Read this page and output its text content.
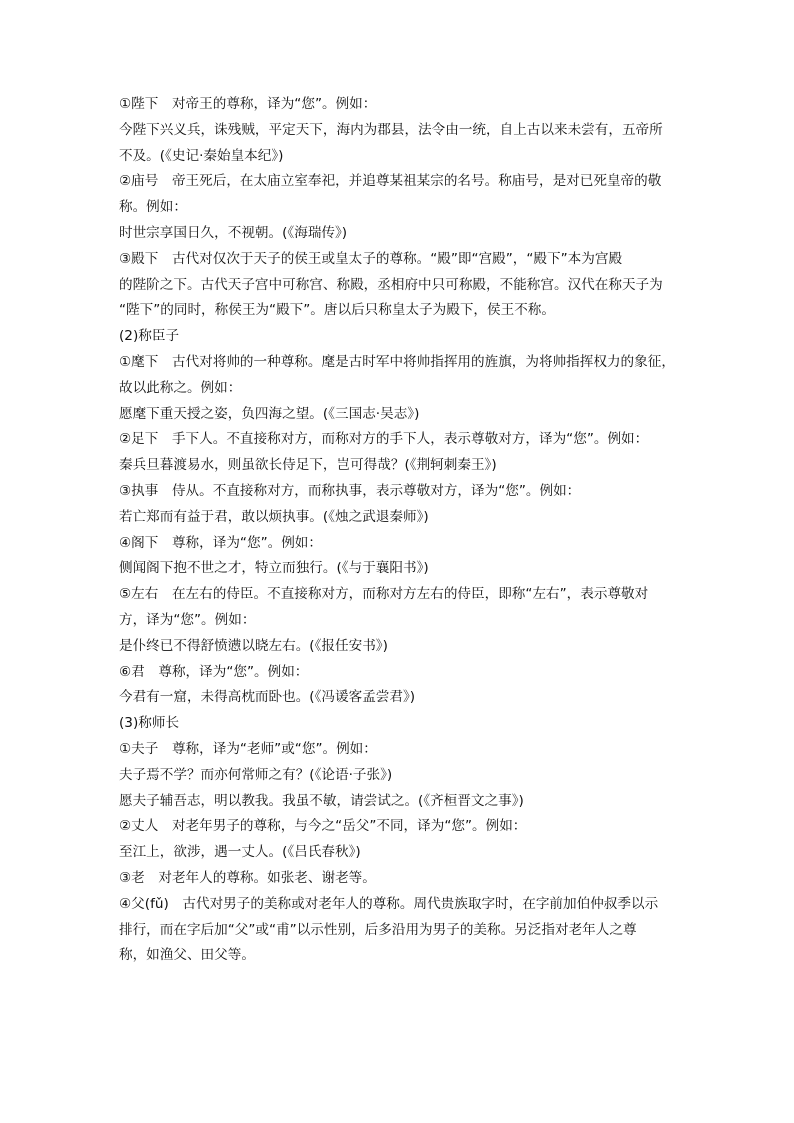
①陛下　对帝王的尊称，译为“您”。例如：
今陛下兴义兵，诛残贼，平定天下，海内为郡县，法令由一统，自上古以来未尝有，五帝所
不及。(《史记·秦始皇本纪》)
②庙号　帝王死后，在太庙立室奉祀，并追尊某祖某宗的名号。称庙号，是对已死皇帝的敬
称。例如：
时世宗享国日久，不视朝。(《海瑞传》)
③殿下　古代对仅次于天子的侯王或皇太子的尊称。“殿”即“宫殿”，“殿下”本为宫殿
的陛阶之下。古代天子宫中可称宫、称殿，丞相府中只可称殿，不能称宫。汉代在称天子为
“陛下”的同时，称侯王为“殿下”。唐以后只称皇太子为殿下，侯王不称。
(2)称臣子
①麾下　古代对将帅的一种尊称。麾是古时军中将帅指挥用的旌旗，为将帅指挥权力的象征，
故以此称之。例如：
愿麾下重天授之姿，负四海之望。(《三国志·吴志》)
②足下　手下人。不直接称对方，而称对方的手下人，表示尊敬对方，译为“您”。例如：
秦兵旦暮渡易水，则虽欲长侍足下，岂可得哉？(《荆轲刺秦王》)
③执事　侍从。不直接称对方，而称执事，表示尊敬对方，译为“您”。例如：
若亡郑而有益于君，敢以烦执事。(《烛之武退秦师》)
④阁下　尊称，译为“您”。例如：
侧闻阁下抱不世之才，特立而独行。(《与于襄阳书》)
⑤左右　在左右的侍臣。不直接称对方，而称对方左右的侍臣，即称“左右”，表示尊敬对
方，译为“您”。例如：
是仆终已不得舒愤懑以晓左右。(《报任安书》)
⑥君　尊称，译为“您”。例如：
今君有一窟，未得高枕而卧也。(《冯谖客孟尝君》)
(3)称师长
①夫子　尊称，译为“老师”或“您”。例如：
夫子焉不学？而亦何常师之有？(《论语·子张》)
愿夫子辅吾志，明以教我。我虽不敏，请尝试之。(《齐桓晋文之事》)
②丈人　对老年男子的尊称，与今之“岳父”不同，译为“您”。例如：
至江上，欲涉，遇一丈人。(《吕氏春秋》)
③老　对老年人的尊称。如张老、谢老等。
④父(fǔ)　古代对男子的美称或对老年人的尊称。周代贵族取字时，在字前加伯仲叔季以示
排行，而在字后加“父”或“甫”以示性别，后多沿用为男子的美称。另泛指对老年人之尊
称，如渔父、田父等。
